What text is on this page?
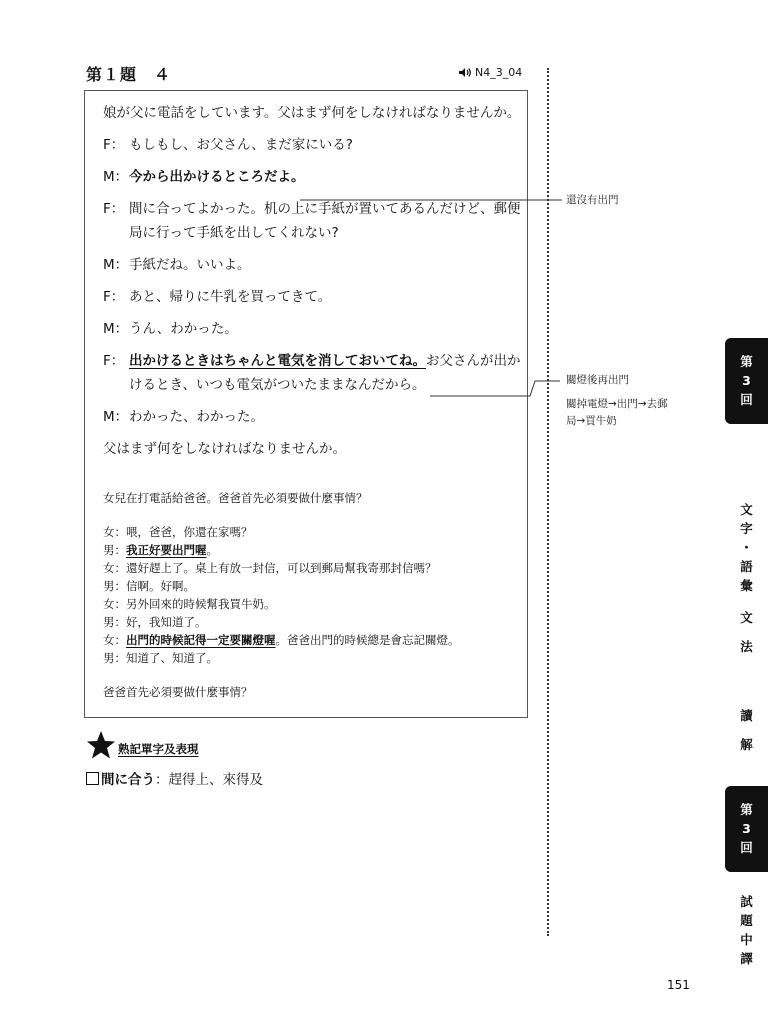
第１題　４	N4_3_04
娘が父に電話をしています。父はまず何をしなければなりませんか。
F： もしもし、お父さん、まだ家にいる?
M： 今から出かけるところだよ。
F： 間に合ってよかった。机の上に手紙が置いてあるんだけど、郵便局に行って手紙を出してくれない?
M： 手紙だね。いいよ。
F： あと、帰りに牛乳を買ってきて。
M： うん、わかった。
F： 出かけるときはちゃんと電気を消しておいてね。お父さんが出かけるとき、いつも電気がついたままなんだから。
M： わかった、わかった。
父はまず何をしなければなりませんか。
女兒在打電話給爸爸。爸爸首先必須要做什麼事情？
女：喂，爸爸，你還在家嗎？
男：我正好要出門喔。
女：還好趕上了。桌上有放一封信，可以到郵局幫我寄那封信嗎？
男：信啊。好啊。
女：另外回來的時候幫我買牛奶。
男：好，我知道了。
女：出門的時候記得一定要關燈喔。爸爸出門的時候總是會忘記關燈。
男：知道了、知道了。
爸爸首先必須要做什麼事情？
熟記單字及表現
間に合う ：趕得上、來得及
還沒有出門
關燈後再出門
關掉電燈→出門→去郵
局→買牛奶
第
3
回
文
字
・
語
彙
文
法
讀
解
第
3
回
試
題
中
譯
151
